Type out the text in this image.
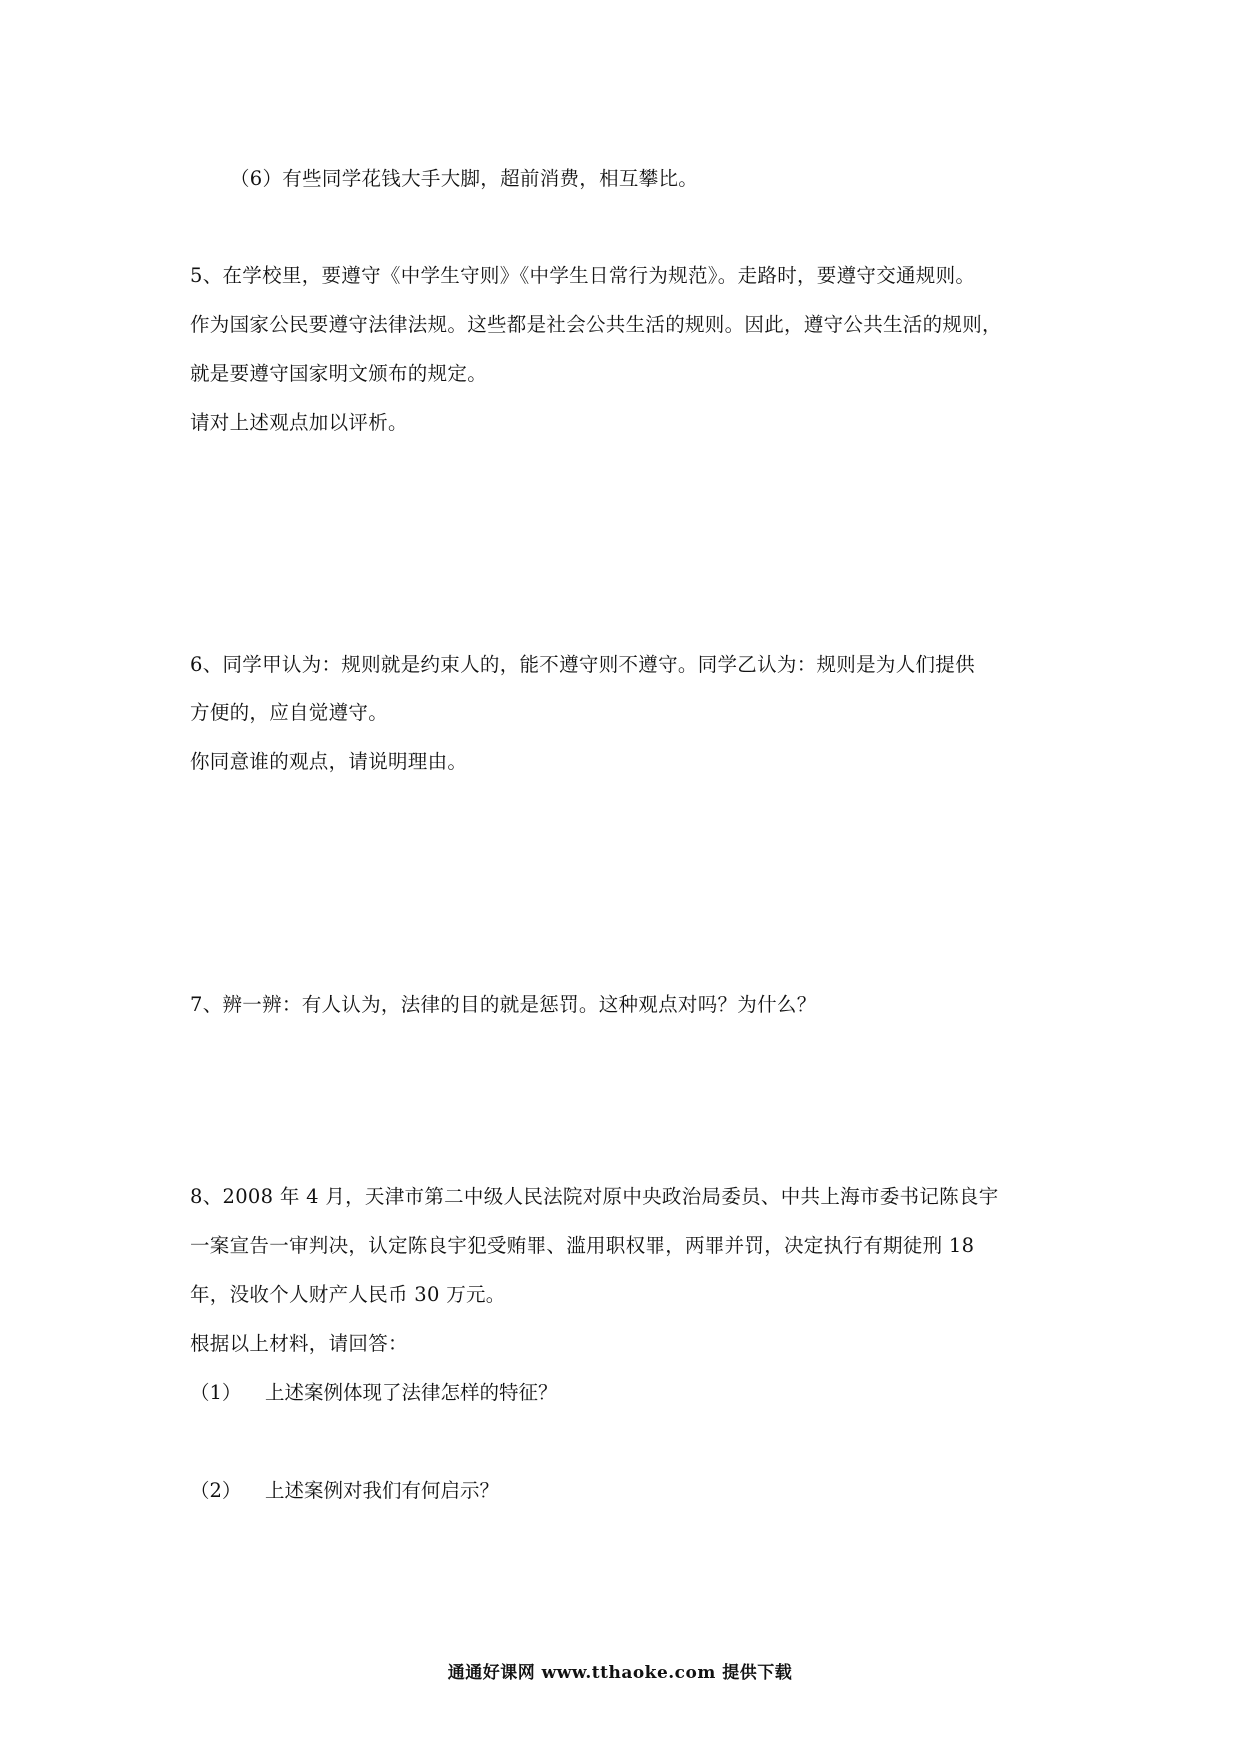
（6）有些同学花钱大手大脚，超前消费，相互攀比。
5、在学校里，要遵守《中学生守则》《中学生日常行为规范》。走路时，要遵守交通规则。
作为国家公民要遵守法律法规。这些都是社会公共生活的规则。因此，遵守公共生活的规则，
就是要遵守国家明文颁布的规定。
请对上述观点加以评析。
6、同学甲认为：规则就是约束人的，能不遵守则不遵守。同学乙认为：规则是为人们提供
方便的，应自觉遵守。
你同意谁的观点，请说明理由。
7、辨一辨：有人认为，法律的目的就是惩罚。这种观点对吗？为什么？
8、2008 年 4 月，天津市第二中级人民法院对原中央政治局委员、中共上海市委书记陈良宇
一案宣告一审判决，认定陈良宇犯受贿罪、滥用职权罪，两罪并罚，决定执行有期徒刑 18
年，没收个人财产人民币 30 万元。
根据以上材料，请回答：
（1） 上述案例体现了法律怎样的特征？
（2） 上述案例对我们有何启示？
通通好课网 www.tthaoke.com 提供下载
